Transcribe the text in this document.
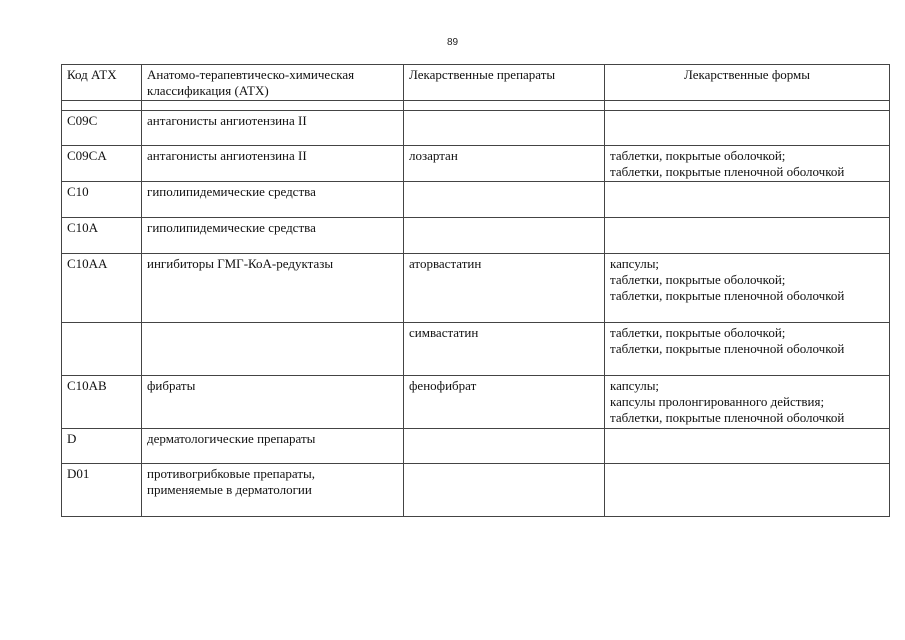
89
Код АТХ	Анатомо-терапевтическо-химическая
классификация (АТХ)	Лекарственные препараты	Лекарственные формы

C09C	антагонисты ангиотензина II		

C09CA	антагонисты ангиотензина II	лозартан	таблетки, покрытые оболочкой;
таблетки, покрытые пленочной оболочкой

C10	гиполипидемические средства		

C10A	гиполипидемические средства		

C10AA	ингибиторы ГМГ-КоА-редуктазы	аторвастатин	капсулы;
таблетки, покрытые оболочкой;
таблетки, покрытые пленочной оболочкой

		симвастатин	таблетки, покрытые оболочкой;
таблетки, покрытые пленочной оболочкой

C10AB	фибраты	фенофибрат	капсулы;
капсулы пролонгированного действия;
таблетки, покрытые пленочной оболочкой

D	дерматологические препараты		

D01	противогрибковые препараты,
применяемые в дерматологии		
